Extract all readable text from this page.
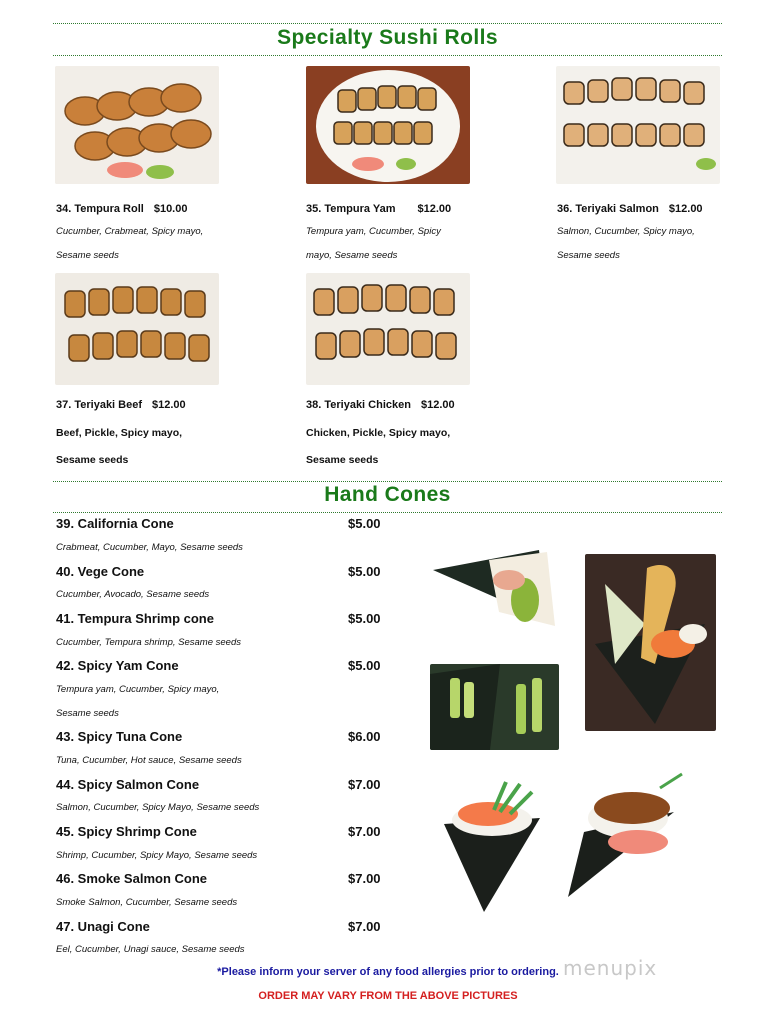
Specialty Sushi Rolls
34. Tempura Roll $10.00
Cucumber, Crabmeat, Spicy mayo,
Sesame seeds
35. Tempura Yam $12.00
Tempura yam, Cucumber, Spicy
mayo, Sesame seeds
36. Teriyaki Salmon $12.00
Salmon, Cucumber, Spicy mayo,
Sesame seeds
37. Teriyaki Beef $12.00
Beef, Pickle, Spicy mayo,
Sesame seeds
38. Teriyaki Chicken $12.00
Chicken, Pickle, Spicy mayo,
Sesame seeds
Hand Cones
39. California Cone	$5.00
Crabmeat, Cucumber, Mayo, Sesame seeds
40. Vege Cone	$5.00
Cucumber, Avocado, Sesame seeds
41. Tempura Shrimp cone	$5.00
Cucumber, Tempura shrimp, Sesame seeds
42. Spicy Yam Cone	$5.00
Tempura yam, Cucumber, Spicy mayo,
Sesame seeds
43. Spicy Tuna Cone	$6.00
Tuna, Cucumber, Hot sauce, Sesame seeds
44. Spicy Salmon Cone	$7.00
Salmon, Cucumber, Spicy Mayo, Sesame seeds
45. Spicy Shrimp Cone	$7.00
Shrimp, Cucumber, Spicy Mayo, Sesame seeds
46. Smoke Salmon Cone	$7.00
Smoke Salmon, Cucumber, Sesame seeds
47. Unagi Cone	$7.00
Eel, Cucumber, Unagi sauce, Sesame seeds
*Please inform your server of any food allergies prior to ordering.
ORDER MAY VARY FROM THE ABOVE PICTURES
menupix
